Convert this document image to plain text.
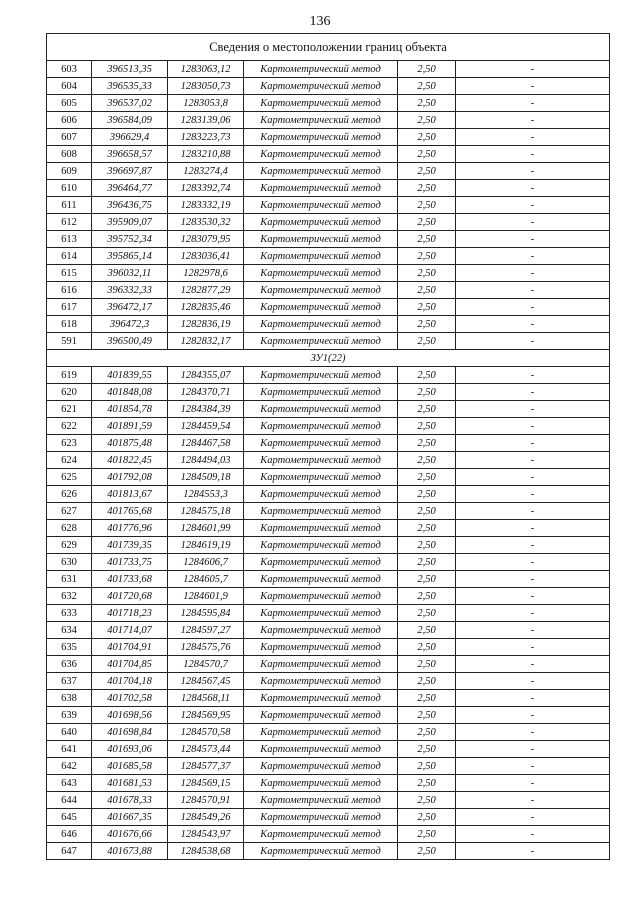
136
Сведения о местоположении границ объекта					
603	396513,35	1283063,12	Картометрический метод	2,50	-
604	396535,33	1283050,73	Картометрический метод	2,50	-
605	396537,02	1283053,8	Картометрический метод	2,50	-
606	396584,09	1283139,06	Картометрический метод	2,50	-
607	396629,4	1283223,73	Картометрический метод	2,50	-
608	396658,57	1283210,88	Картометрический метод	2,50	-
609	396697,87	1283274,4	Картометрический метод	2,50	-
610	396464,77	1283392,74	Картометрический метод	2,50	-
611	396436,75	1283332,19	Картометрический метод	2,50	-
612	395909,07	1283530,32	Картометрический метод	2,50	-
613	395752,34	1283079,95	Картометрический метод	2,50	-
614	395865,14	1283036,41	Картометрический метод	2,50	-
615	396032,11	1282978,6	Картометрический метод	2,50	-
616	396332,33	1282877,29	Картометрический метод	2,50	-
617	396472,17	1282835,46	Картометрический метод	2,50	-
618	396472,3	1282836,19	Картометрический метод	2,50	-
591	396500,49	1282832,17	Картометрический метод	2,50	-
ЗУ1(22)					
619	401839,55	1284355,07	Картометрический метод	2,50	-
620	401848,08	1284370,71	Картометрический метод	2,50	-
621	401854,78	1284384,39	Картометрический метод	2,50	-
622	401891,59	1284459,54	Картометрический метод	2,50	-
623	401875,48	1284467,58	Картометрический метод	2,50	-
624	401822,45	1284494,03	Картометрический метод	2,50	-
625	401792,08	1284509,18	Картометрический метод	2,50	-
626	401813,67	1284553,3	Картометрический метод	2,50	-
627	401765,68	1284575,18	Картометрический метод	2,50	-
628	401776,96	1284601,99	Картометрический метод	2,50	-
629	401739,35	1284619,19	Картометрический метод	2,50	-
630	401733,75	1284606,7	Картометрический метод	2,50	-
631	401733,68	1284605,7	Картометрический метод	2,50	-
632	401720,68	1284601,9	Картометрический метод	2,50	-
633	401718,23	1284595,84	Картометрический метод	2,50	-
634	401714,07	1284597,27	Картометрический метод	2,50	-
635	401704,91	1284575,76	Картометрический метод	2,50	-
636	401704,85	1284570,7	Картометрический метод	2,50	-
637	401704,18	1284567,45	Картометрический метод	2,50	-
638	401702,58	1284568,11	Картометрический метод	2,50	-
639	401698,56	1284569,95	Картометрический метод	2,50	-
640	401698,84	1284570,58	Картометрический метод	2,50	-
641	401693,06	1284573,44	Картометрический метод	2,50	-
642	401685,58	1284577,37	Картометрический метод	2,50	-
643	401681,53	1284569,15	Картометрический метод	2,50	-
644	401678,33	1284570,91	Картометрический метод	2,50	-
645	401667,35	1284549,26	Картометрический метод	2,50	-
646	401676,66	1284543,97	Картометрический метод	2,50	-
647	401673,88	1284538,68	Картометрический метод	2,50	-
